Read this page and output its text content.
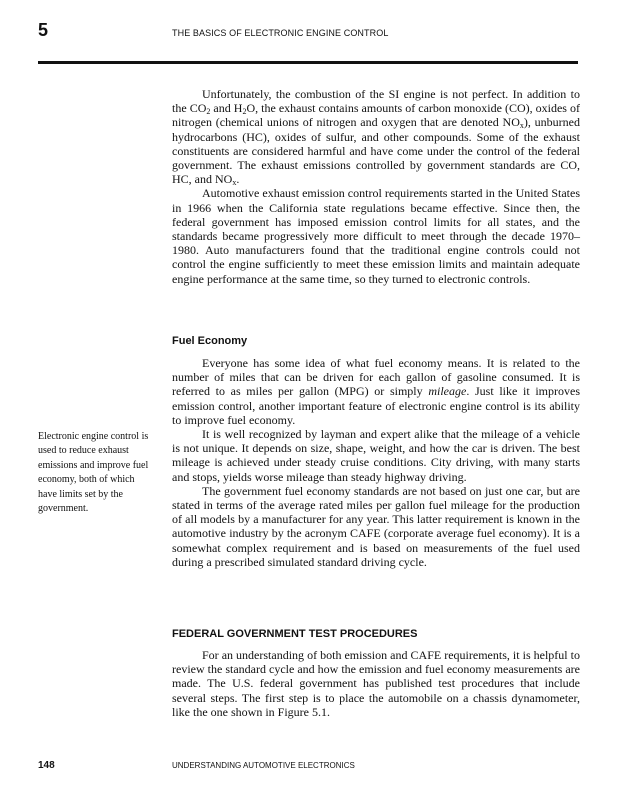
5	THE BASICS OF ELECTRONIC ENGINE CONTROL

Unfortunately, the combustion of the SI engine is not perfect. In addition to the $CO_2$ and $H_2O$, the exhaust contains amounts of carbon monoxide (CO), oxides of nitrogen (chemical unions of nitrogen and oxygen that are denoted $NO_x$), unburned hydrocarbons (HC), oxides of sulfur, and other compounds. Some of the exhaust constituents are considered harmful and have come under the control of the federal government. The exhaust emissions controlled by government standards are CO, HC, and $NO_x$.

Automotive exhaust emission control requirements started in the United States in 1966 when the California state regulations became effective. Since then, the federal government has imposed emission control limits for all states, and the standards became progressively more difficult to meet through the decade 1970–1980. Auto manufacturers found that the traditional engine controls could not control the engine sufficiently to meet these emission limits and maintain adequate engine performance at the same time, so they turned to electronic controls.

Fuel Economy

Everyone has some idea of what fuel economy means. It is related to the number of miles that can be driven for each gallon of gasoline consumed. It is referred to as miles per gallon (MPG) or simply mileage. Just like it improves emission control, another important feature of electronic engine control is its ability to improve fuel economy.

It is well recognized by layman and expert alike that the mileage of a vehicle is not unique. It depends on size, shape, weight, and how the car is driven. The best mileage is achieved under steady cruise conditions. City driving, with many starts and stops, yields worse mileage than steady highway driving.

The government fuel economy standards are not based on just one car, but are stated in terms of the average rated miles per gallon fuel mileage for the production of all models by a manufacturer for any year. This latter requirement is known in the automotive industry by the acronym CAFE (corporate average fuel economy). It is a somewhat complex requirement and is based on measurements of the fuel used during a prescribed simulated standard driving cycle.

Electronic engine control is used to reduce exhaust emissions and improve fuel economy, both of which have limits set by the government.
FEDERAL GOVERNMENT TEST PROCEDURES

For an understanding of both emission and CAFE requirements, it is helpful to review the standard cycle and how the emission and fuel economy measurements are made. The U.S. federal government has published test procedures that include several steps. The first step is to place the automobile on a chassis dynamometer, like the one shown in Figure 5.1.

148	UNDERSTANDING AUTOMOTIVE ELECTRONICS
